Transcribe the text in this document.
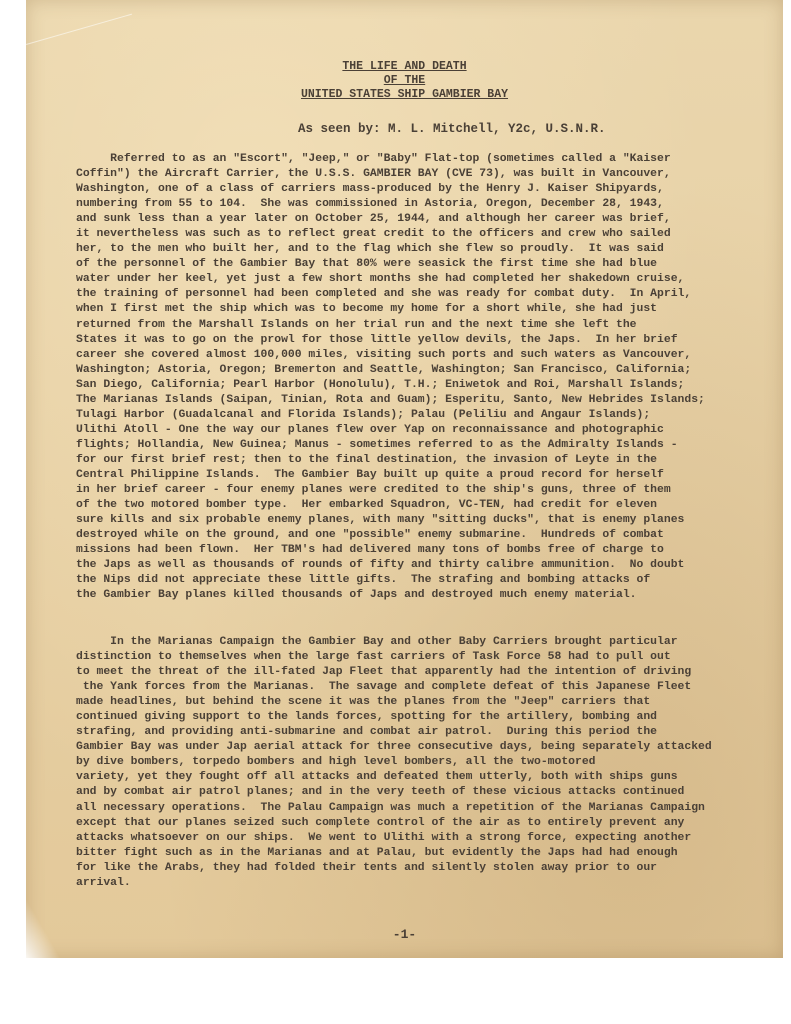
THE LIFE AND DEATH
OF THE
UNITED STATES SHIP GAMBIER BAY
As seen by: M. L. Mitchell, Y2c, U.S.N.R.
Referred to as an "Escort", "Jeep," or "Baby" Flat-top (sometimes called a "Kaiser
Coffin") the Aircraft Carrier, the U.S.S. GAMBIER BAY (CVE 73), was built in Vancouver,
Washington, one of a class of carriers mass-produced by the Henry J. Kaiser Shipyards,
numbering from 55 to 104.  She was commissioned in Astoria, Oregon, December 28, 1943,
and sunk less than a year later on October 25, 1944, and although her career was brief,
it nevertheless was such as to reflect great credit to the officers and crew who sailed
her, to the men who built her, and to the flag which she flew so proudly.  It was said
of the personnel of the Gambier Bay that 80% were seasick the first time she had blue
water under her keel, yet just a few short months she had completed her shakedown cruise,
the training of personnel had been completed and she was ready for combat duty.  In April,
when I first met the ship which was to become my home for a short while, she had just
returned from the Marshall Islands on her trial run and the next time she left the
States it was to go on the prowl for those little yellow devils, the Japs.  In her brief
career she covered almost 100,000 miles, visiting such ports and such waters as Vancouver,
Washington; Astoria, Oregon; Bremerton and Seattle, Washington; San Francisco, California;
San Diego, California; Pearl Harbor (Honolulu), T.H.; Eniwetok and Roi, Marshall Islands;
The Marianas Islands (Saipan, Tinian, Rota and Guam); Esperitu, Santo, New Hebrides Islands;
Tulagi Harbor (Guadalcanal and Florida Islands); Palau (Peliliu and Angaur Islands);
Ulithi Atoll - One the way our planes flew over Yap on reconnaissance and photographic
flights; Hollandia, New Guinea; Manus - sometimes referred to as the Admiralty Islands -
for our first brief rest; then to the final destination, the invasion of Leyte in the
Central Philippine Islands.  The Gambier Bay built up quite a proud record for herself
in her brief career - four enemy planes were credited to the ship's guns, three of them
of the two motored bomber type.  Her embarked Squadron, VC-TEN, had credit for eleven
sure kills and six probable enemy planes, with many "sitting ducks", that is enemy planes
destroyed while on the ground, and one "possible" enemy submarine.  Hundreds of combat
missions had been flown.  Her TBM's had delivered many tons of bombs free of charge to
the Japs as well as thousands of rounds of fifty and thirty calibre ammunition.  No doubt
the Nips did not appreciate these little gifts.  The strafing and bombing attacks of
the Gambier Bay planes killed thousands of Japs and destroyed much enemy material.
In the Marianas Campaign the Gambier Bay and other Baby Carriers brought particular
distinction to themselves when the large fast carriers of Task Force 58 had to pull out
to meet the threat of the ill-fated Jap Fleet that apparently had the intention of driving
the Yank forces from the Marianas.  The savage and complete defeat of this Japanese Fleet
made headlines, but behind the scene it was the planes from the "Jeep" carriers that
continued giving support to the lands forces, spotting for the artillery, bombing and
strafing, and providing anti-submarine and combat air patrol.  During this period the
Gambier Bay was under Jap aerial attack for three consecutive days, being separately attacked
by dive bombers, torpedo bombers and high level bombers, all the two-motored
variety, yet they fought off all attacks and defeated them utterly, both with ships guns
and by combat air patrol planes; and in the very teeth of these vicious attacks continued
all necessary operations.  The Palau Campaign was much a repetition of the Marianas Campaign
except that our planes seized such complete control of the air as to entirely prevent any
attacks whatsoever on our ships.  We went to Ulithi with a strong force, expecting another
bitter fight such as in the Marianas and at Palau, but evidently the Japs had had enough
for like the Arabs, they had folded their tents and silently stolen away prior to our
arrival.
-1-
